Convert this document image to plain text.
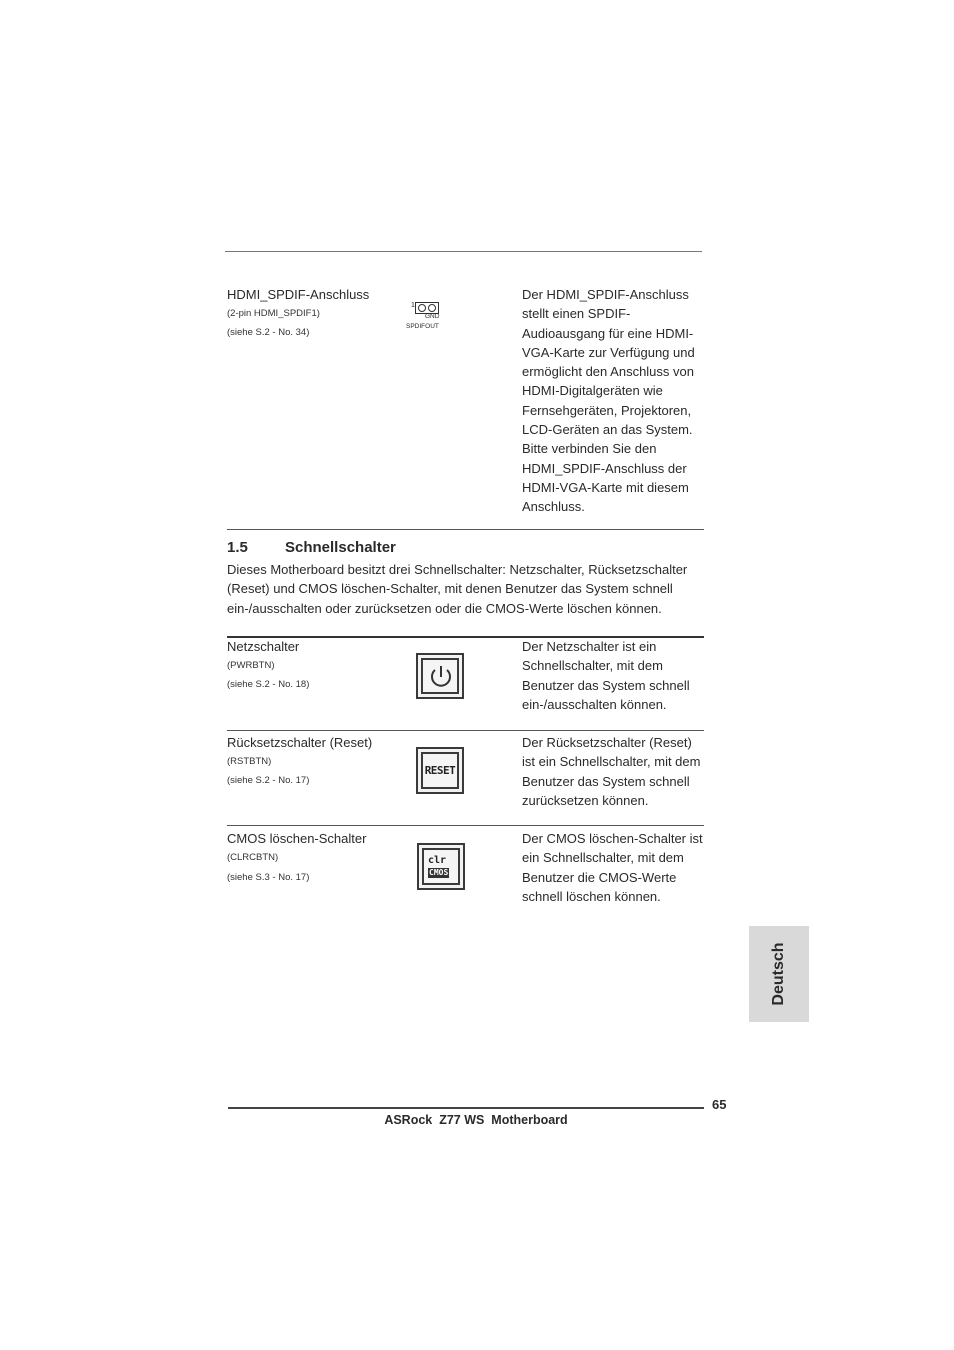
HDMI_SPDIF-Anschluss
(2-pin HDMI_SPDIF1)
(siehe S.2 - No. 34)
1
GND
SPDIFOUT
Der HDMI_SPDIF-Anschluss stellt einen SPDIF-Audioausgang für eine HDMI-VGA-Karte zur Verfügung und ermöglicht den Anschluss von HDMI-Digitalgeräten wie Fernsehgeräten, Projektoren, LCD-Geräten an das System. Bitte verbinden Sie den HDMI_SPDIF-Anschluss der HDMI-VGA-Karte mit diesem Anschluss.
1.5 Schnellschalter
Dieses Motherboard besitzt drei Schnellschalter: Netzschalter, Rücksetzschalter (Reset) und CMOS löschen-Schalter, mit denen Benutzer das System schnell ein-/ausschalten oder zurücksetzen oder die CMOS-Werte löschen können.
Netzschalter
(PWRBTN)
(siehe S.2 - No. 18)
Der Netzschalter ist ein Schnellschalter, mit dem Benutzer das System schnell ein-/ausschalten können.
Rücksetzschalter (Reset)
(RSTBTN)
(siehe S.2 - No. 17)
RESET
Der Rücksetzschalter (Reset) ist ein Schnellschalter, mit dem Benutzer das System schnell zurücksetzen können.
CMOS löschen-Schalter
(CLRCBTN)
(siehe S.3 - No. 17)
clr
CMOS
Der CMOS löschen-Schalter ist ein Schnellschalter, mit dem Benutzer die CMOS-Werte schnell löschen können.
Deutsch
65
ASRock  Z77 WS  Motherboard
